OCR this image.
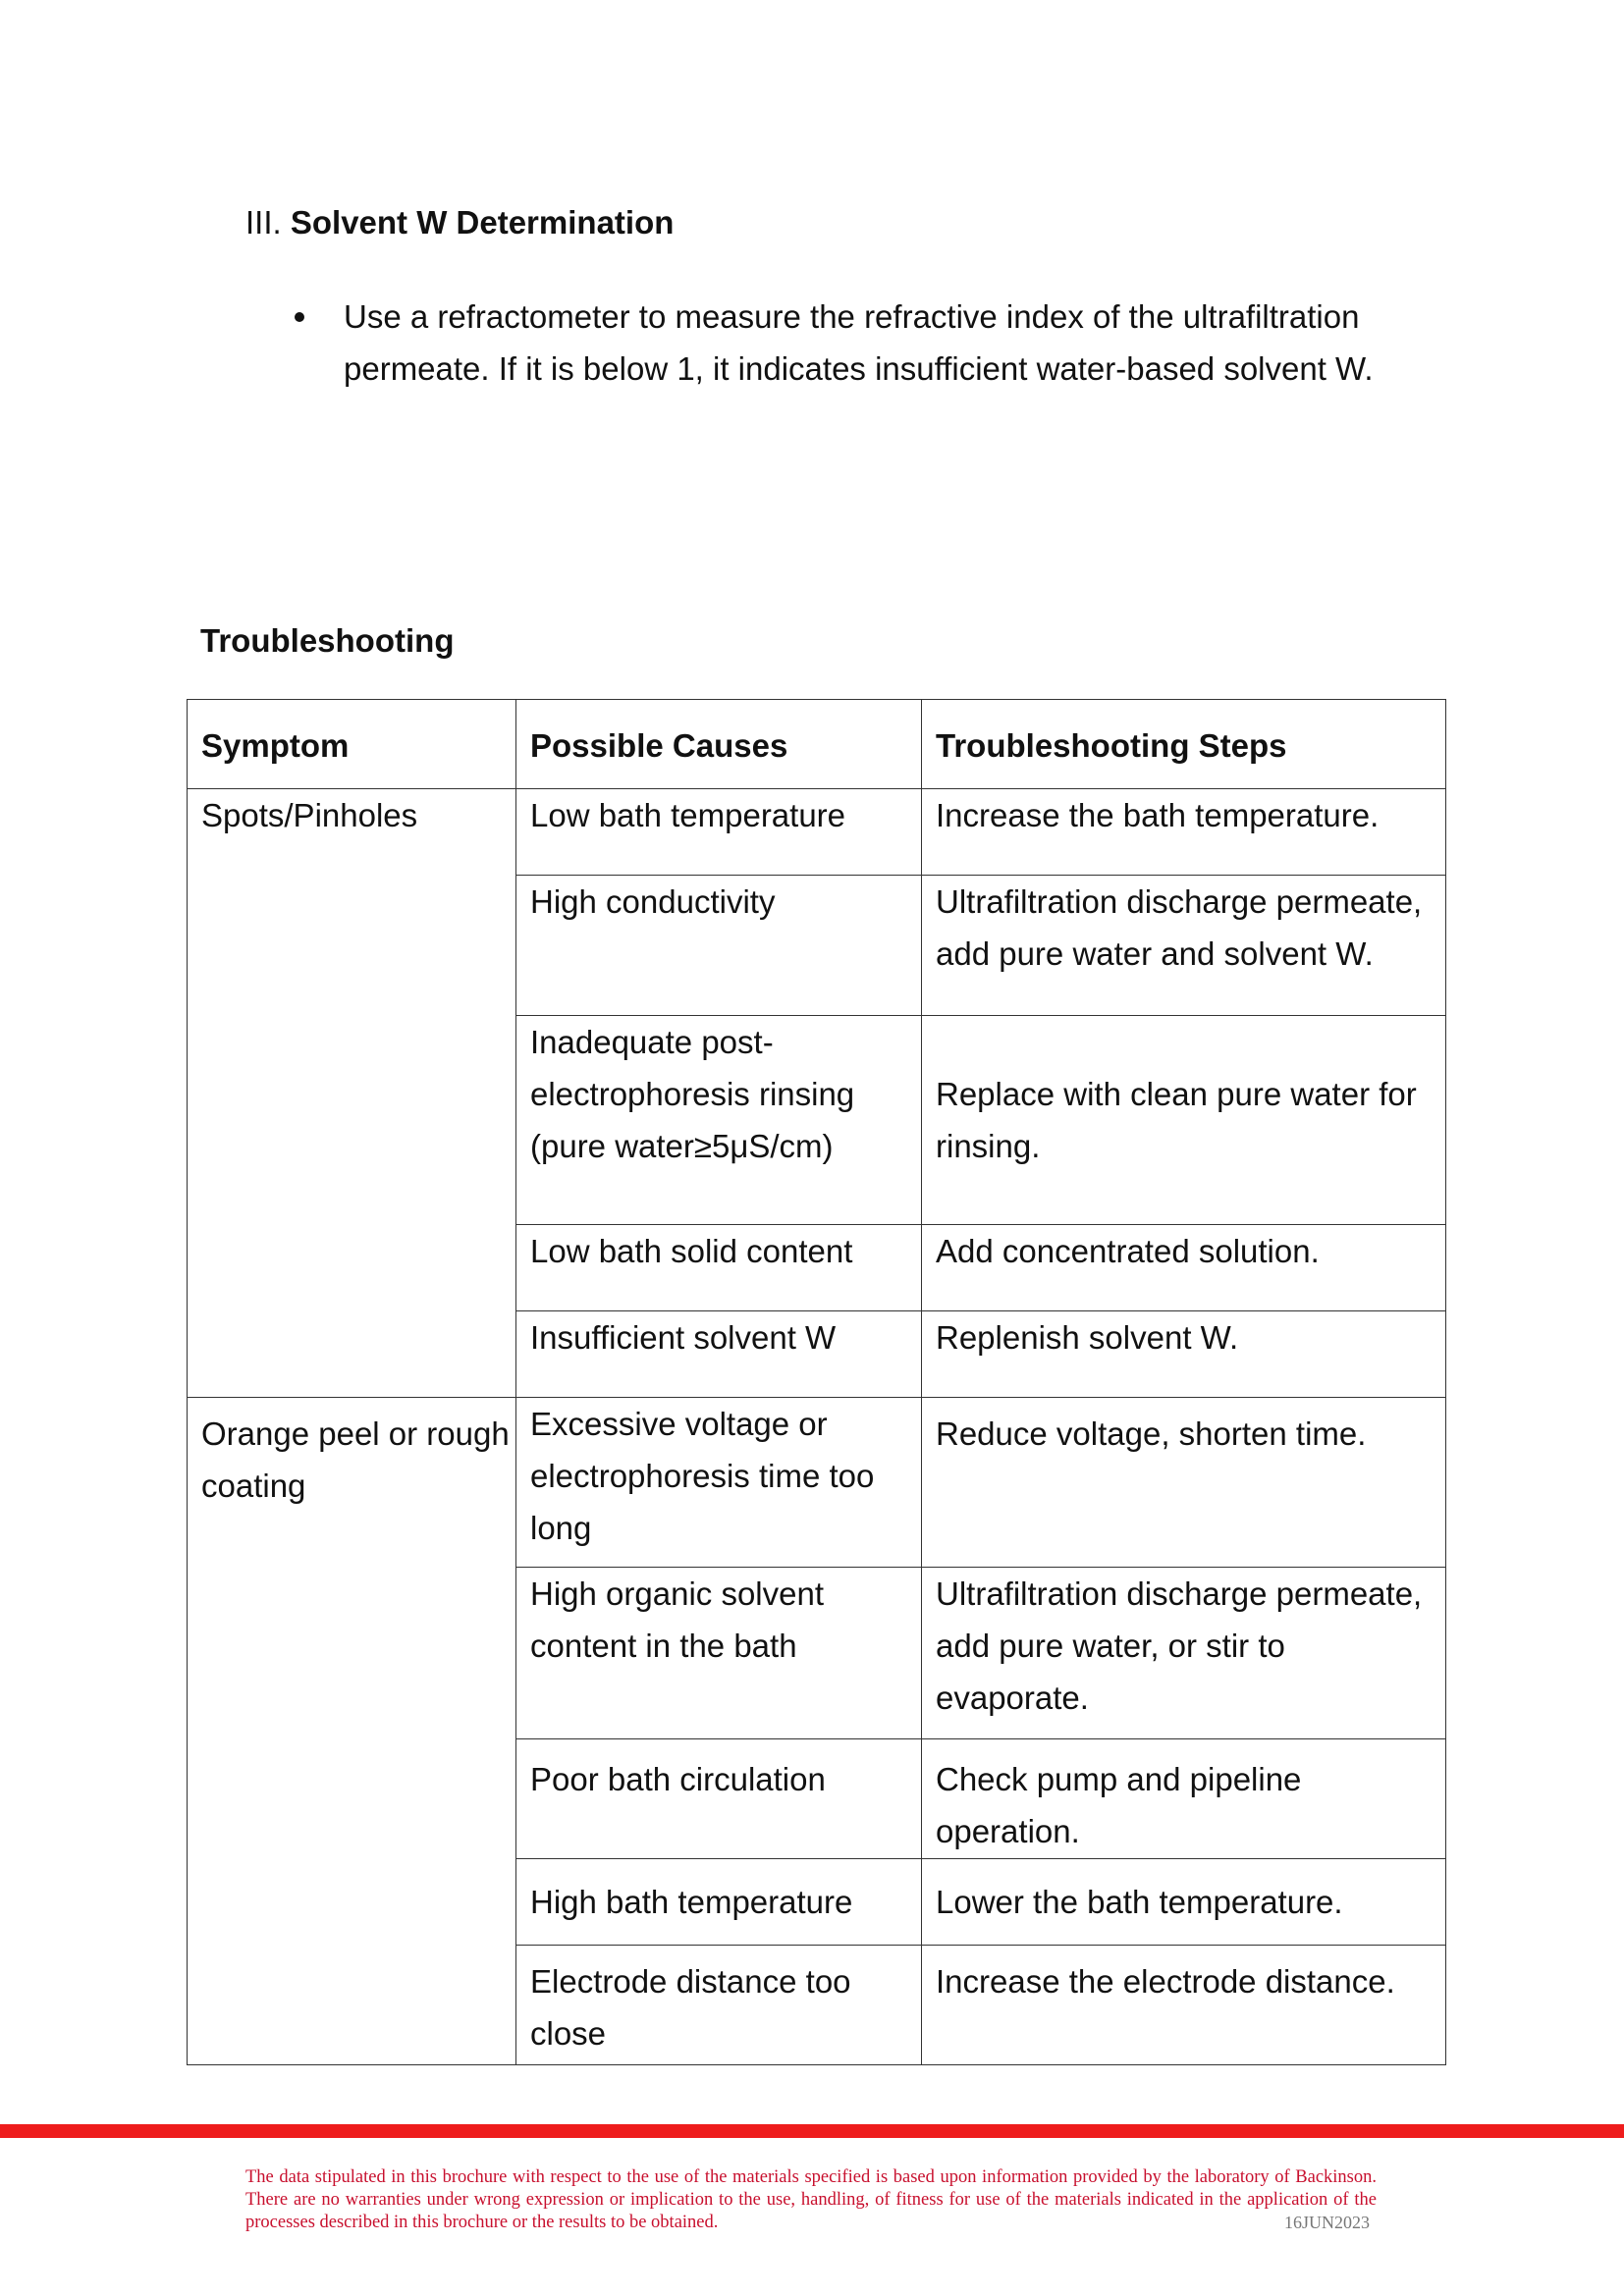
III. Solvent W Determination
Use a refractometer to measure the refractive index of the ultrafiltration permeate. If it is below 1, it indicates insufficient water-based solvent W.
Troubleshooting
Symptom	Possible Causes	Troubleshooting Steps

Spots/Pinholes	Low bath temperature	Increase the bath temperature.
	High conductivity	Ultrafiltration discharge permeate, add pure water and solvent W.
	Inadequate post-electrophoresis rinsing (pure water≥5μS/cm)	Replace with clean pure water for rinsing.
	Low bath solid content	Add concentrated solution.
	Insufficient solvent W	Replenish solvent W.

Orange peel or rough coating	Excessive voltage or electrophoresis time too long	Reduce voltage, shorten time.
	High organic solvent content in the bath	Ultrafiltration discharge permeate, add pure water, or stir to evaporate.
	Poor bath circulation	Check pump and pipeline operation.
	High bath temperature	Lower the bath temperature.
	Electrode distance too close	Increase the electrode distance.
The data stipulated in this brochure with respect to the use of the materials specified is based upon information provided by the laboratory of Backinson. There are no warranties under wrong expression or implication to the use, handling, of fitness for use of the materials indicated in the application of the processes described in this brochure or the results to be obtained.	16JUN2023
